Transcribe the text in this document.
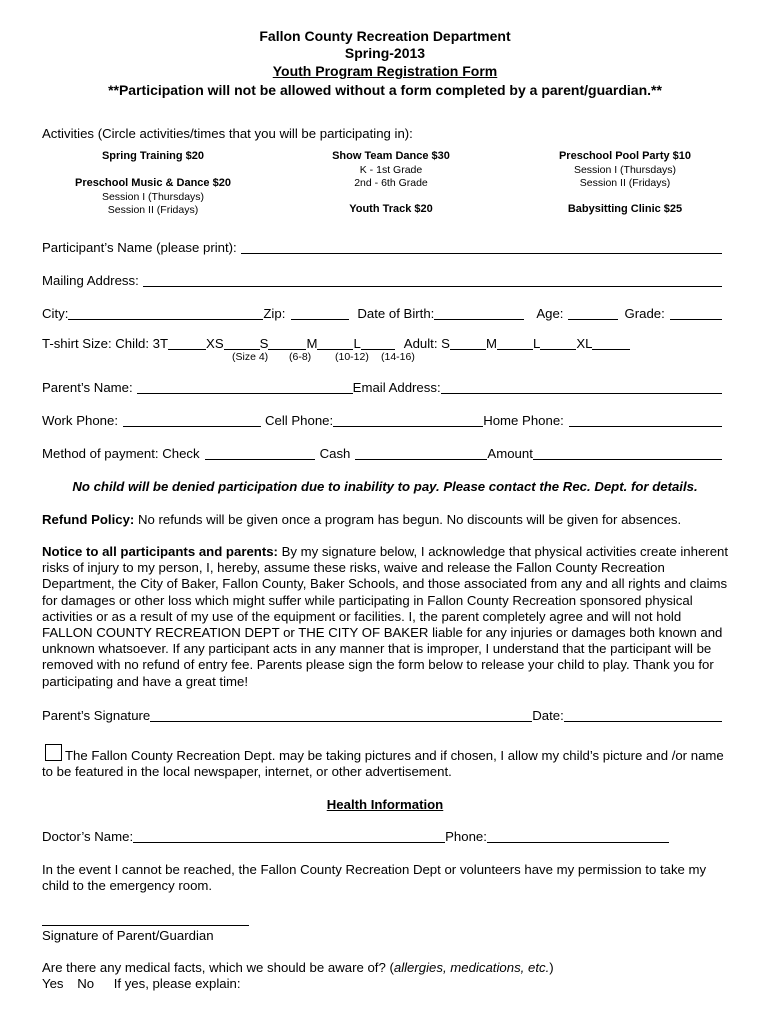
Fallon County Recreation Department
Spring-2013
Youth Program Registration Form
**Participation will not be allowed without a form completed by a parent/guardian.**
Activities (Circle activities/times that you will be participating in):
Spring Training $20
Preschool Music & Dance $20
Session I (Thursdays)
Session II (Fridays)
Show Team Dance $30
K - 1st Grade
2nd - 6th Grade
Youth Track $20
Preschool Pool Party $10
Session I (Thursdays)
Session II (Fridays)
Babysitting Clinic $25
Participant’s Name (please print):
Mailing Address:
City:	Zip:	Date of Birth:	Age:	Grade:
T-shirt Size: Child: 3T	XS	S	M	L	Adult: S	M	L	XL
(Size 4) (6-8) (10-12) (14-16)
Parent’s Name:	Email Address:
Work Phone:	Cell Phone:	Home Phone:
Method of payment: Check	Cash	Amount
No child will be denied participation due to inability to pay. Please contact the Rec. Dept. for details.
Refund Policy: No refunds will be given once a program has begun. No discounts will be given for absences.
Notice to all participants and parents: By my signature below, I acknowledge that physical activities create inherent risks of injury to my person, I, hereby, assume these risks, waive and release the Fallon County Recreation Department, the City of Baker, Fallon County, Baker Schools, and those associated from any and all rights and claims for damages or other loss which might suffer while participating in Fallon County Recreation sponsored physical activities or as a result of my use of the equipment or facilities. I, the parent completely agree and will not hold FALLON COUNTY RECREATION DEPT or THE CITY OF BAKER liable for any injuries or damages both known and unknown whatsoever. If any participant acts in any manner that is improper, I understand that the participant will be removed with no refund of entry fee. Parents please sign the form below to release your child to play. Thank you for participating and have a great time!
Parent’s Signature	Date:
The Fallon County Recreation Dept. may be taking pictures and if chosen, I allow my child’s picture and /or name to be featured in the local newspaper, internet, or other advertisement.
Health Information
Doctor’s Name:	Phone:
In the event I cannot be reached, the Fallon County Recreation Dept or volunteers have my permission to take my child to the emergency room.
Signature of Parent/Guardian
Are there any medical facts, which we should be aware of? (allergies, medications, etc.)
Yes No If yes, please explain:
